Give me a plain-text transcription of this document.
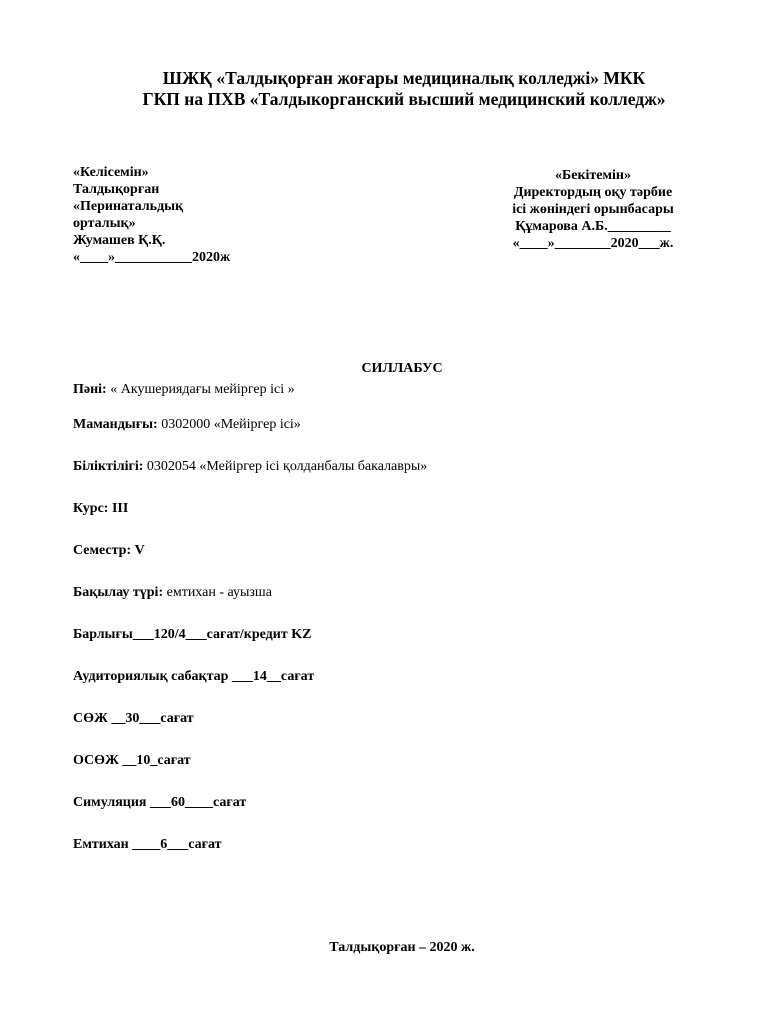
ШЖҚ «Талдықорған жоғары медициналық колледжі» МКК
ГКП на ПХВ «Талдыкорганский высший медицинский колледж»
«Келісемін»
Талдықорған
«Перинатальдық
орталық»
Жумашев Қ.Қ.
«____»___________2020ж
«Бекітемін»
Директордың оқу тәрбие
ісі жөніндегі орынбасары
Құмарова А.Б._________
«____»________2020___ж.
СИЛЛАБУС
Пәні: « Акушериядағы мейіргер ісі »
Мамандығы: 0302000 «Мейіргер ісі»
Біліктілігі: 0302054 «Мейіргер ісі қолданбалы бакалавры»
Курс: III
Семестр: V
Бақылау түрі: емтихан - ауызша
Барлығы___120/4___сағат/кредит KZ
Аудиториялық сабақтар ___14__сағат
СӨЖ __30___сағат
ОСӨЖ __10_сағат
Симуляция ___60____сағат
Емтихан ____6___сағат
Талдықорған – 2020 ж.
